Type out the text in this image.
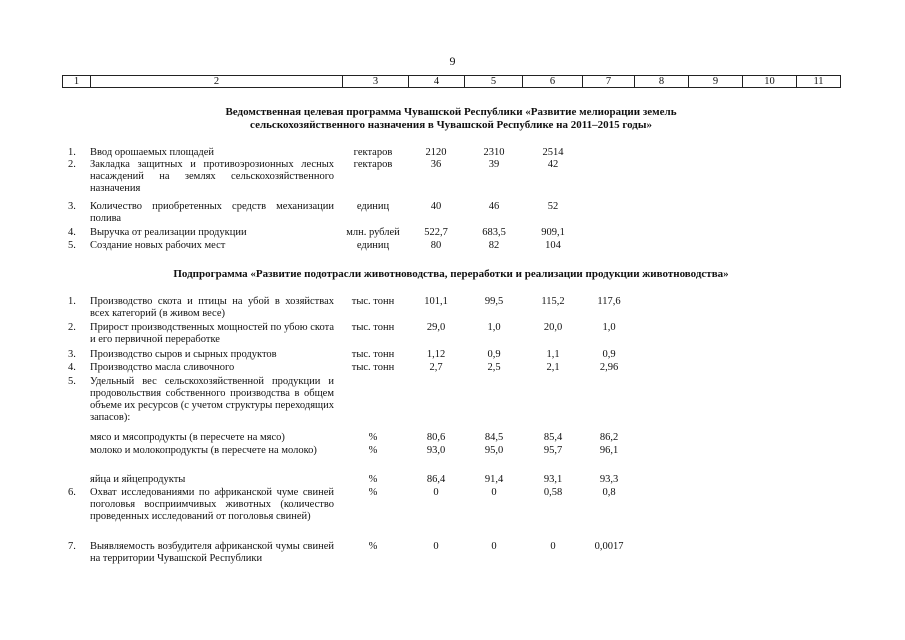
9
1	2	3	4	5	6	7	8	9	10	11
Ведомственная целевая программа Чувашской Республики «Развитие мелиорации земель
сельскохозяйственного назначения в Чувашской Республике на 2011–2015 годы»
1. Ввод орошаемых площадей	гектаров	2120	2310	2514
2. Закладка защитных и противоэрозионных лесных насаждений на землях сельскохозяйственного назначения
гектаров	36	39	42
3. Количество приобретенных средств механизации полива
единиц	40	46	52
4. Выручка от реализации продукции	млн. рублей	522,7	683,5	909,1
5. Создание новых рабочих мест	единиц	80	82	104
Подпрограмма «Развитие подотрасли животноводства, переработки и реализации продукции животноводства»
1. Производство скота и птицы на убой в хозяйствах всех категорий (в живом весе)
тыс. тонн	101,1	99,5	115,2	117,6
2. Прирост производственных мощностей по убою скота и его первичной переработке
тыс. тонн	29,0	1,0	20,0	1,0
3. Производство сыров и сырных продуктов	тыс. тонн	1,12	0,9	1,1	0,9
4. Производство масла сливочного	тыс. тонн	2,7	2,5	2,1	2,96
5. Удельный вес сельскохозяйственной продукции и продовольствия собственного производства в общем объеме их ресурсов (с учетом структуры переходящих запасов):
мясо и мясопродукты (в пересчете на мясо)	%	80,6	84,5	85,4	86,2
молоко и молокопродукты (в пересчете на молоко)	%	93,0	95,0	95,7	96,1
яйца и яйцепродукты	%	86,4	91,4	93,1	93,3
6. Охват исследованиями по африканской чуме свиней поголовья восприимчивых животных (количество проведенных исследований от поголовья свиней)
%	0	0	0,58	0,8
7. Выявляемость возбудителя африканской чумы свиней на территории Чувашской Республики
%	0	0	0	0,0017
